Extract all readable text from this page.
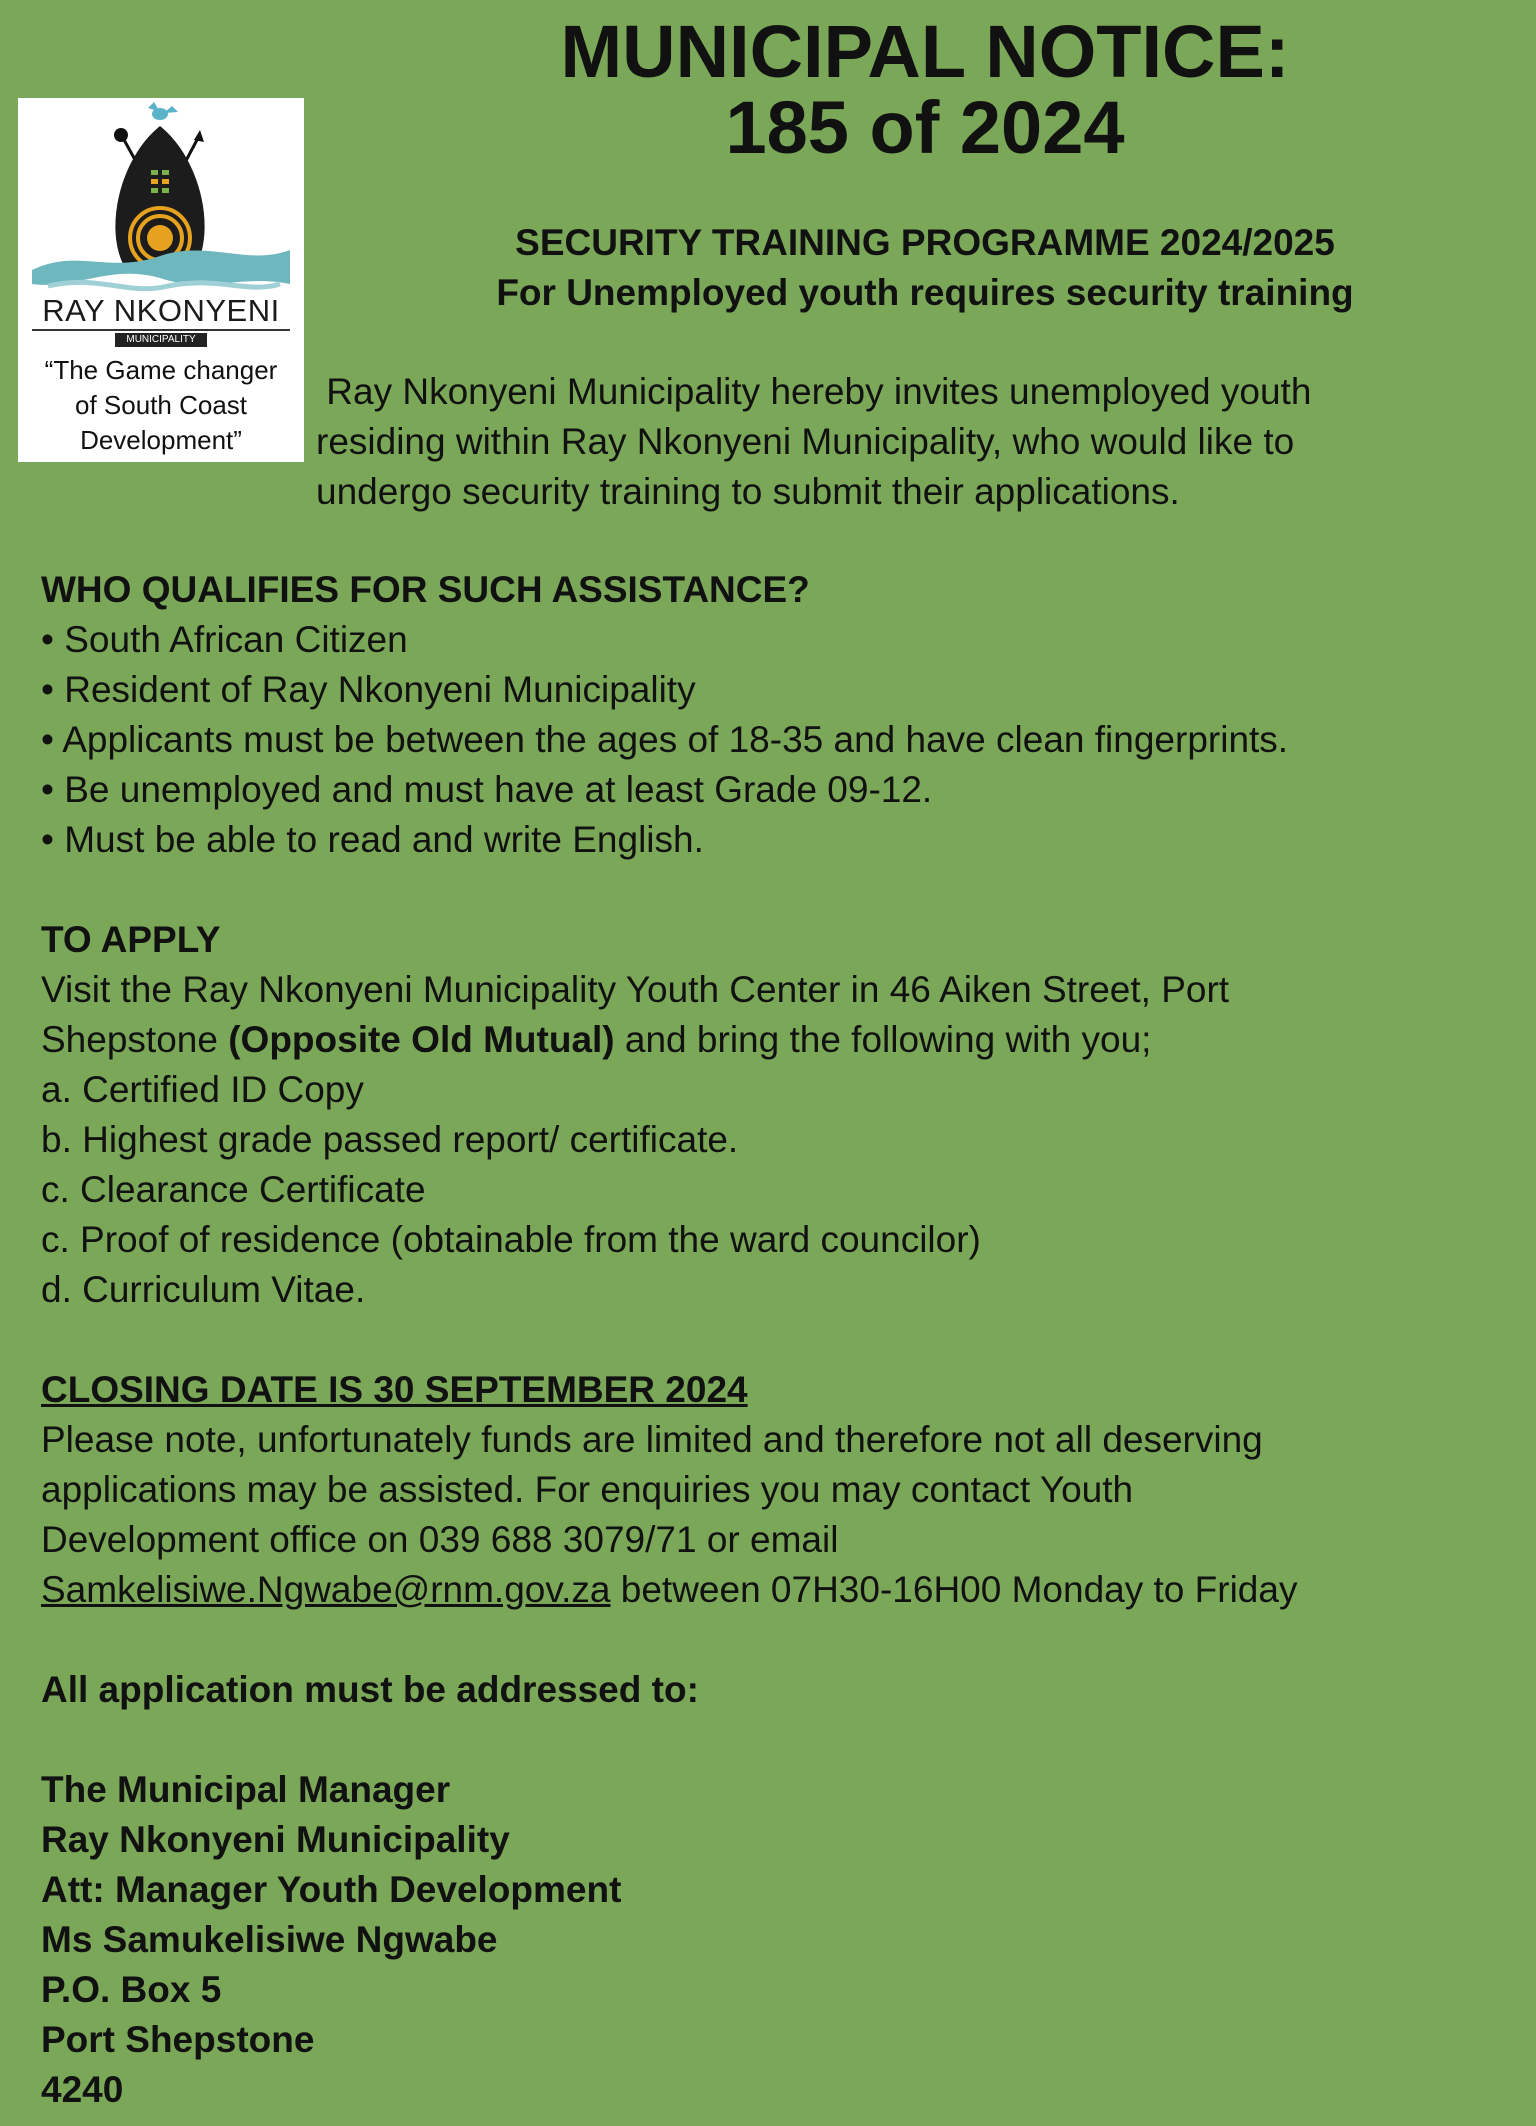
MUNICIPAL NOTICE:
185 of 2024
SECURITY TRAINING PROGRAMME 2024/2025
For Unemployed youth requires security training
RAY NKONYENI
MUNICIPALITY
“The Game changer
of South Coast
Development”
Ray Nkonyeni Municipality hereby invites unemployed youth
residing within Ray Nkonyeni Municipality, who would like to
undergo security training to submit their applications.

WHO QUALIFIES FOR SUCH ASSISTANCE?

• South African Citizen

• Resident of Ray Nkonyeni Municipality

• Applicants must be between the ages of 18-35 and have clean fingerprints.

• Be unemployed and must have at least Grade 09-12.

• Must be able to read and write English.

TO APPLY

Visit the Ray Nkonyeni Municipality Youth Center in 46 Aiken Street, Port

Shepstone (Opposite Old Mutual) and bring the following with you;

a. Certified ID Copy

b. Highest grade passed report/ certificate.

c. Clearance Certificate

c. Proof of residence (obtainable from the ward councilor)

d. Curriculum Vitae.

CLOSING DATE IS 30 SEPTEMBER 2024

Please note, unfortunately funds are limited and therefore not all deserving

applications may be assisted. For enquiries you may contact Youth

Development office on 039 688 3079/71 or email

Samkelisiwe.Ngwabe@rnm.gov.za between 07H30-16H00 Monday to Friday

All application must be addressed to:

The Municipal Manager

Ray Nkonyeni Municipality

Att: Manager Youth Development

Ms Samukelisiwe Ngwabe

P.O. Box 5

Port Shepstone

4240
